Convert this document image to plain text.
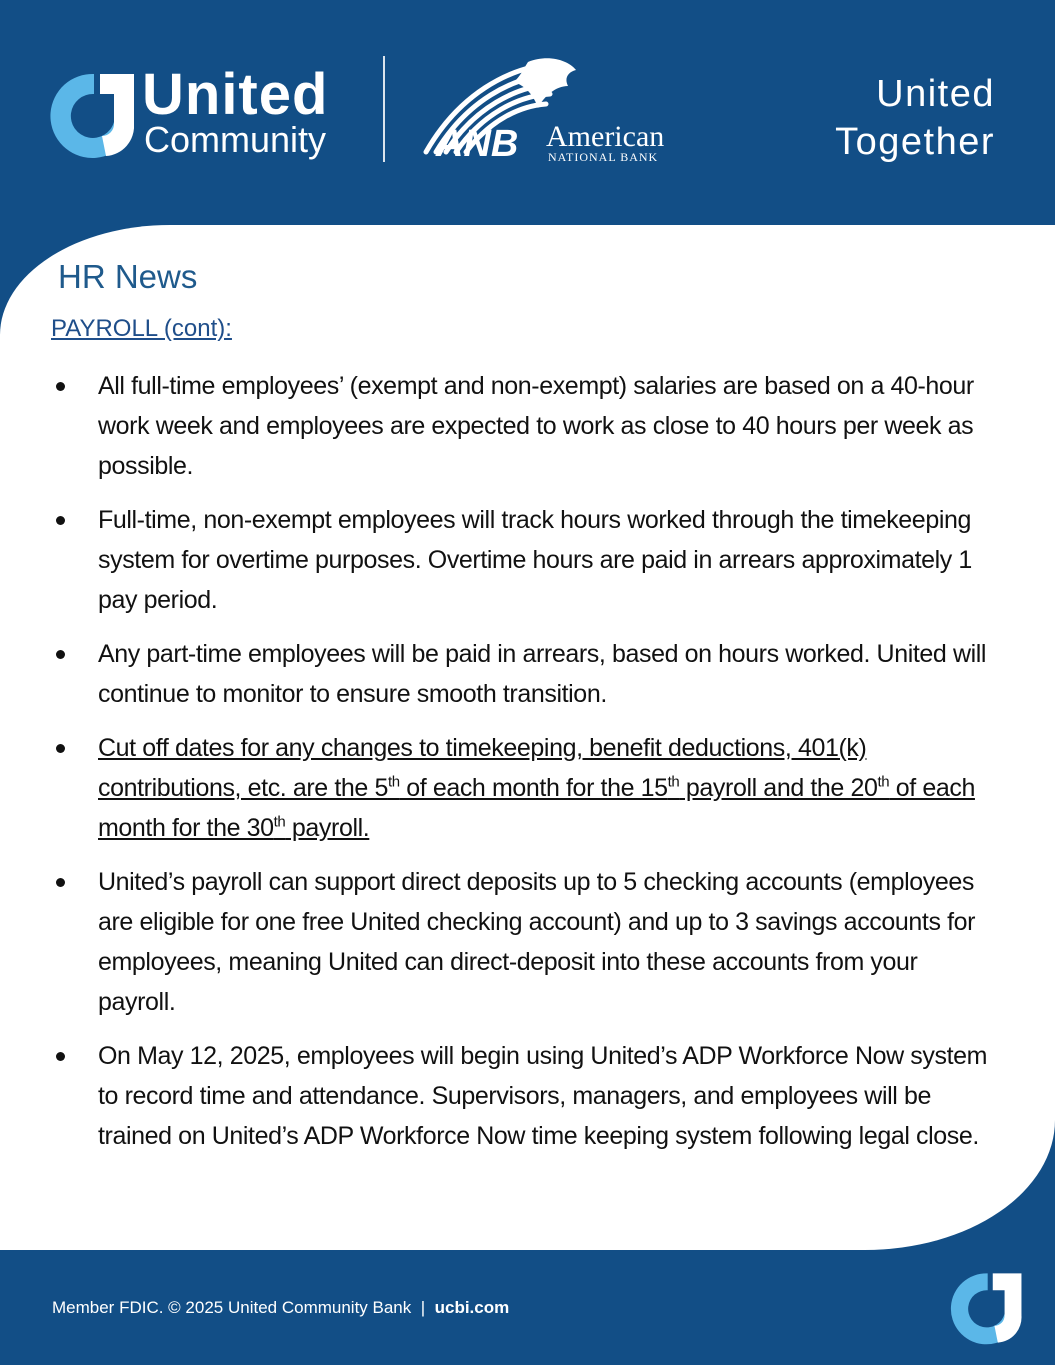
United
Community	ANB American
NATIONAL BANK
United
Together
HR News
PAYROLL (cont):
All full-time employees’ (exempt and non-exempt) salaries are based on a 40-hour work week and employees are expected to work as close to 40 hours per week as possible.
Full-time, non-exempt employees will track hours worked through the timekeeping system for overtime purposes. Overtime hours are paid in arrears approximately 1 pay period.
Any part-time employees will be paid in arrears, based on hours worked. United will continue to monitor to ensure smooth transition.
Cut off dates for any changes to timekeeping, benefit deductions, 401(k) contributions, etc. are the 5th of each month for the 15th payroll and the 20th of each month for the 30th payroll.
United’s payroll can support direct deposits up to 5 checking accounts (employees are eligible for one free United checking account) and up to 3 savings accounts for employees, meaning United can direct-deposit into these accounts from your payroll.
On May 12, 2025, employees will begin using United’s ADP Workforce Now system to record time and attendance. Supervisors, managers, and employees will be trained on United’s ADP Workforce Now time keeping system following legal close.
Member FDIC. © 2025 United Community Bank | ucbi.com
